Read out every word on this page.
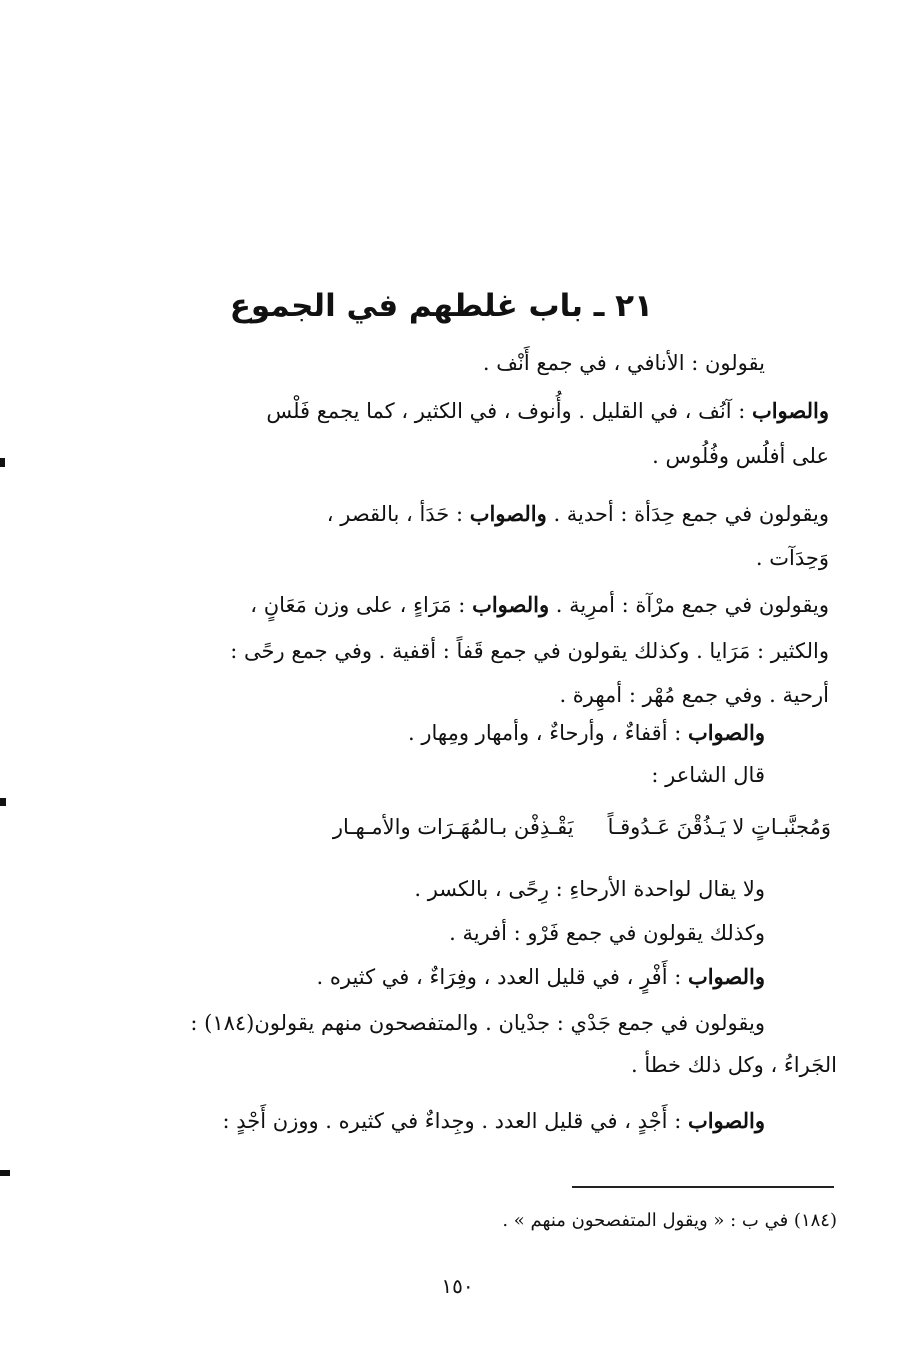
٢١ ـ باب غلطهم في الجموع
يقولون : الأنافي ، في جمع أَنْف .
والصواب : آنُف ، في القليل . وأُنوف ، في الكثير ، كما يجمع فَلْس
على أفلُس وفُلُوس .
ويقولون في جمع حِدَأة : أحدية . والصواب : حَدَأ ، بالقصر ،
وَحِدَآت .
ويقولون في جمع مرْآة : أمرِية . والصواب : مَرَاءٍ ، على وزن مَعَانٍ ،
والكثير : مَرَايا . وكذلك يقولون في جمع قَفاً : أقفية . وفي جمع رحًى :
أرحية . وفي جمع مُهْر : أمهِرة .
والصواب : أقفاءٌ ، وأرحاءٌ ، وأمهار ومِهار .
قال الشاعر :
ولا يقال لواحدة الأرحاءِ : رِحًى ، بالكسر .
وكذلك يقولون في جمع فَرْو : أفرية .
والصواب : أَفْرٍ ، في قليل العدد ، وفِرَاءٌ ، في كثيره .
ويقولون في جمع جَدْي : جدْيان . والمتفصحون منهم يقولون(١٨٤) :
الجَراءُ ، وكل ذلك خطأ .
والصواب : أَجْدٍ ، في قليل العدد . وجِداءٌ في كثيره . ووزن أَجْدٍ :
وَمُجنَّبـاتٍ لا يَـذُقْنَ عَـدُوقـاًيَقْـذِفْن بـالمُهَـرَات والأمـهـار
(١٨٤) في ب : « ويقول المتفصحون منهم » .
١٥٠
